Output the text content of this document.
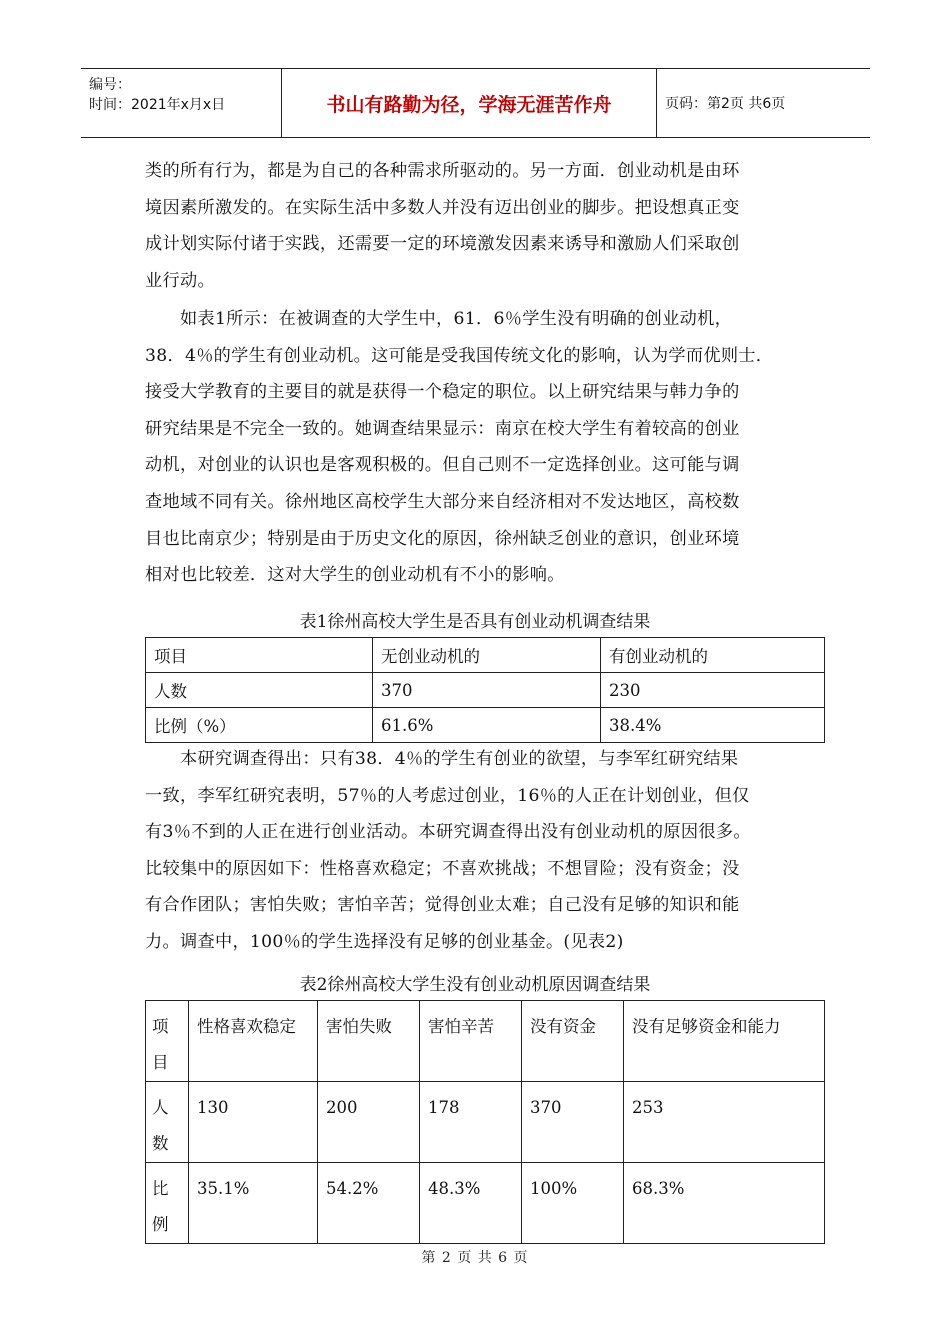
编号：
时间：2021年x月x日	书山有路勤为径，学海无涯苦作舟	页码：第2页 共6页
类的所有行为，都是为自己的各种需求所驱动的。另一方面．创业动机是由环
境因素所激发的。在实际生活中多数人并没有迈出创业的脚步。把设想真正变
成计划实际付诸于实践，还需要一定的环境激发因素来诱导和激励人们采取创
业行动。
　　如表1所示：在被调查的大学生中，61．6％学生没有明确的创业动机，
38．4％的学生有创业动机。这可能是受我国传统文化的影响，认为学而优则士．
接受大学教育的主要目的就是获得一个稳定的职位。以上研究结果与韩力争的
研究结果是不完全一致的。她调查结果显示：南京在校大学生有着较高的创业
动机，对创业的认识也是客观积极的。但自己则不一定选择创业。这可能与调
查地域不同有关。徐州地区高校学生大部分来自经济相对不发达地区，高校数
目也比南京少；特别是由于历史文化的原因，徐州缺乏创业的意识，创业环境
相对也比较差．这对大学生的创业动机有不小的影响。
表1徐州高校大学生是否具有创业动机调查结果
项目	无创业动机的	有创业动机的
人数	370	230
比例（%）	61.6%	38.4%
　　本研究调查得出：只有38．4％的学生有创业的欲望，与李军红研究结果
一致，李军红研究表明，57％的人考虑过创业，16％的人正在计划创业，但仅
有3％不到的人正在进行创业活动。本研究调查得出没有创业动机的原因很多。
比较集中的原因如下：性格喜欢稳定；不喜欢挑战；不想冒险；没有资金；没
有合作团队；害怕失败；害怕辛苦；觉得创业太难；自己没有足够的知识和能
力。调查中，100％的学生选择没有足够的创业基金。(见表2)
表2徐州高校大学生没有创业动机原因调查结果
项目	性格喜欢稳定	害怕失败	害怕辛苦	没有资金	没有足够资金和能力
人数	130	200	178	370	253
比例	35.1%	54.2%	48.3%	100%	68.3%
第 2 页 共 6 页
